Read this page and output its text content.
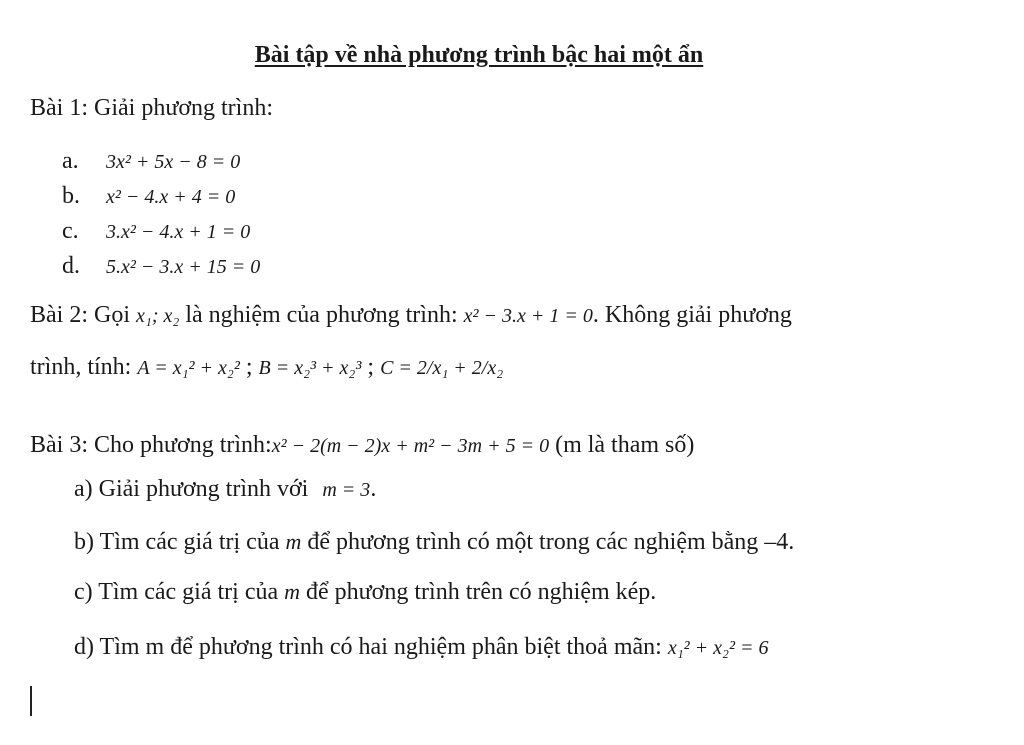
Bài tập về nhà phương trình bậc hai một ẩn
Bài 1: Giải phương trình:
a. 3x² + 5x − 8 = 0
b. x² − 4.x + 4 = 0
c. 3.x² − 4.x + 1 = 0
d. 5.x² − 3.x + 15 = 0
Bài 2: Gọi x₁; x₂ là nghiệm của phương trình: x² − 3.x + 1 = 0. Không giải phương
trình, tính: A = x₁² + x₂² ; B = x₂³ + x₂³ ; C = 2/x₁ + 2/x₂
Bài 3: Cho phương trình:x² − 2(m − 2)x + m² − 3m + 5 = 0 (m là tham số)
a) Giải phương trình với m = 3.
b) Tìm các giá trị của m để phương trình có một trong các nghiệm bằng –4.
c) Tìm các giá trị của m để phương trình trên có nghiệm kép.
d) Tìm m để phương trình có hai nghiệm phân biệt thoả mãn: x₁² + x₂² = 6
